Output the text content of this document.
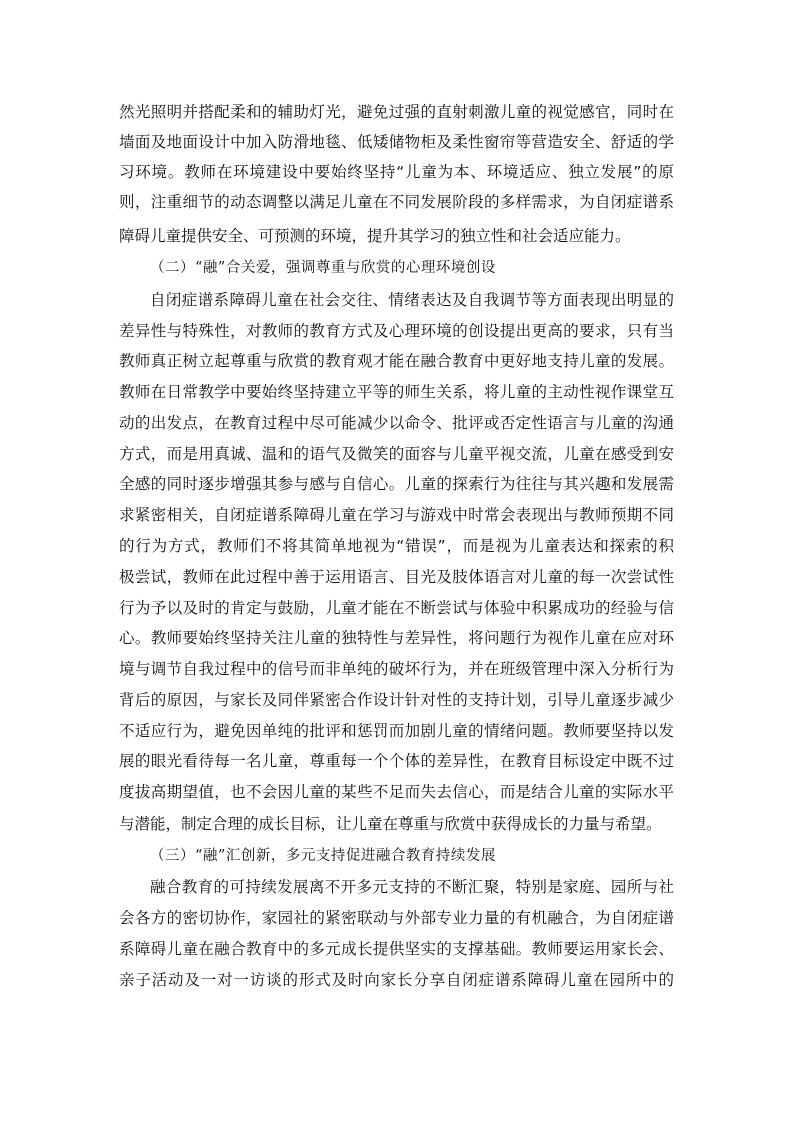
然光照明并搭配柔和的辅助灯光，避免过强的直射刺激儿童的视觉感官，同时在

墙面及地面设计中加入防滑地毯、低矮储物柜及柔性窗帘等营造安全、舒适的学

习环境。教师在环境建设中要始终坚持“儿童为本、环境适应、独立发展”的原

则，注重细节的动态调整以满足儿童在不同发展阶段的多样需求，为自闭症谱系

障碍儿童提供安全、可预测的环境，提升其学习的独立性和社会适应能力。

（二）“融”合关爱，强调尊重与欣赏的心理环境创设

自闭症谱系障碍儿童在社会交往、情绪表达及自我调节等方面表现出明显的

差异性与特殊性，对教师的教育方式及心理环境的创设提出更高的要求，只有当

教师真正树立起尊重与欣赏的教育观才能在融合教育中更好地支持儿童的发展。

教师在日常教学中要始终坚持建立平等的师生关系，将儿童的主动性视作课堂互

动的出发点，在教育过程中尽可能减少以命令、批评或否定性语言与儿童的沟通

方式，而是用真诚、温和的语气及微笑的面容与儿童平视交流，儿童在感受到安

全感的同时逐步增强其参与感与自信心。儿童的探索行为往往与其兴趣和发展需

求紧密相关，自闭症谱系障碍儿童在学习与游戏中时常会表现出与教师预期不同

的行为方式，教师们不将其简单地视为“错误”，而是视为儿童表达和探索的积

极尝试，教师在此过程中善于运用语言、目光及肢体语言对儿童的每一次尝试性

行为予以及时的肯定与鼓励，儿童才能在不断尝试与体验中积累成功的经验与信

心。教师要始终坚持关注儿童的独特性与差异性，将问题行为视作儿童在应对环

境与调节自我过程中的信号而非单纯的破坏行为，并在班级管理中深入分析行为

背后的原因，与家长及同伴紧密合作设计针对性的支持计划，引导儿童逐步减少

不适应行为，避免因单纯的批评和惩罚而加剧儿童的情绪问题。教师要坚持以发

展的眼光看待每一名儿童，尊重每一个个体的差异性，在教育目标设定中既不过

度拔高期望值，也不会因儿童的某些不足而失去信心，而是结合儿童的实际水平

与潜能，制定合理的成长目标，让儿童在尊重与欣赏中获得成长的力量与希望。

（三）“融”汇创新，多元支持促进融合教育持续发展

融合教育的可持续发展离不开多元支持的不断汇聚，特别是家庭、园所与社

会各方的密切协作，家园社的紧密联动与外部专业力量的有机融合，为自闭症谱

系障碍儿童在融合教育中的多元成长提供坚实的支撑基础。教师要运用家长会、

亲子活动及一对一访谈的形式及时向家长分享自闭症谱系障碍儿童在园所中的
